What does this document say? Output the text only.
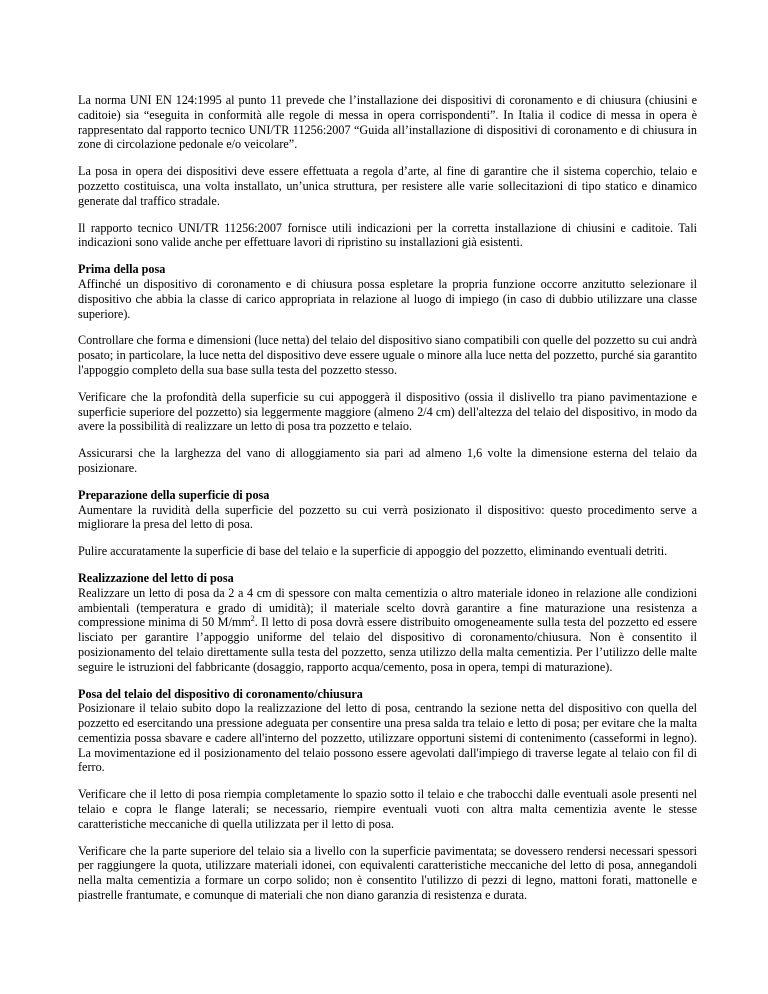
La norma UNI EN 124:1995 al punto 11 prevede che l’installazione dei dispositivi di coronamento e di chiusura (chiusini e caditoie) sia “eseguita in conformità alle regole di messa in opera corrispondenti”. In Italia il codice di messa in opera è rappresentato dal rapporto tecnico UNI/TR 11256:2007 “Guida all’installazione di dispositivi di coronamento e di chiusura in zone di circolazione pedonale e/o veicolare”.

La posa in opera dei dispositivi deve essere effettuata a regola d’arte, al fine di garantire che il sistema coperchio, telaio e pozzetto costituisca, una volta installato, un’unica struttura, per resistere alle varie sollecitazioni di tipo statico e dinamico generate dal traffico stradale.

Il rapporto tecnico UNI/TR 11256:2007 fornisce utili indicazioni per la corretta installazione di chiusini e caditoie. Tali indicazioni sono valide anche per effettuare lavori di ripristino su installazioni già esistenti.

Prima della posa
Affinché un dispositivo di coronamento e di chiusura possa espletare la propria funzione occorre anzitutto selezionare il dispositivo che abbia la classe di carico appropriata in relazione al luogo di impiego (in caso di dubbio utilizzare una classe superiore).

Controllare che forma e dimensioni (luce netta) del telaio del dispositivo siano compatibili con quelle del pozzetto su cui andrà posato; in particolare, la luce netta del dispositivo deve essere uguale o minore alla luce netta del pozzetto, purché sia garantito l'appoggio completo della sua base sulla testa del pozzetto stesso.

Verificare che la profondità della superficie su cui appoggerà il dispositivo (ossia il dislivello tra piano pavimentazione e superficie superiore del pozzetto) sia leggermente maggiore (almeno 2/4 cm) dell'altezza del telaio del dispositivo, in modo da avere la possibilità di realizzare un letto di posa tra pozzetto e telaio.

Assicurarsi che la larghezza del vano di alloggiamento sia pari ad almeno 1,6 volte la dimensione esterna del telaio da posizionare.

Preparazione della superficie di posa
Aumentare la ruvidità della superficie del pozzetto su cui verrà posizionato il dispositivo: questo procedimento serve a migliorare la presa del letto di posa.

Pulire accuratamente la superficie di base del telaio e la superficie di appoggio del pozzetto, eliminando eventuali detriti.

Realizzazione del letto di posa
Realizzare un letto di posa da 2 a 4 cm di spessore con malta cementizia o altro materiale idoneo in relazione alle condizioni ambientali (temperatura e grado di umidità); il materiale scelto dovrà garantire a fine maturazione una resistenza a compressione minima di 50 $M/mm^2$. Il letto di posa dovrà essere distribuito omogeneamente sulla testa del pozzetto ed essere lisciato per garantire l’appoggio uniforme del telaio del dispositivo di coronamento/chiusura. Non è consentito il posizionamento del telaio direttamente sulla testa del pozzetto, senza utilizzo della malta cementizia. Per l’utilizzo delle malte seguire le istruzioni del fabbricante (dosaggio, rapporto acqua/cemento, posa in opera, tempi di maturazione).

Posa del telaio del dispositivo di coronamento/chiusura
Posizionare il telaio subito dopo la realizzazione del letto di posa, centrando la sezione netta del dispositivo con quella del pozzetto ed esercitando una pressione adeguata per consentire una presa salda tra telaio e letto di posa; per evitare che la malta cementizia possa sbavare e cadere all'interno del pozzetto, utilizzare opportuni sistemi di contenimento (casseformi in legno). La movimentazione ed il posizionamento del telaio possono essere agevolati dall'impiego di traverse legate al telaio con fil di ferro.

Verificare che il letto di posa riempia completamente lo spazio sotto il telaio e che trabocchi dalle eventuali asole presenti nel telaio e copra le flange laterali; se necessario, riempire eventuali vuoti con altra malta cementizia avente le stesse caratteristiche meccaniche di quella utilizzata per il letto di posa.

Verificare che la parte superiore del telaio sia a livello con la superficie pavimentata; se dovessero rendersi necessari spessori per raggiungere la quota, utilizzare materiali idonei, con equivalenti caratteristiche meccaniche del letto di posa, annegandoli nella malta cementizia a formare un corpo solido; non è consentito l'utilizzo di pezzi di legno, mattoni forati, mattonelle e piastrelle frantumate, e comunque di materiali che non diano garanzia di resistenza e durata.
